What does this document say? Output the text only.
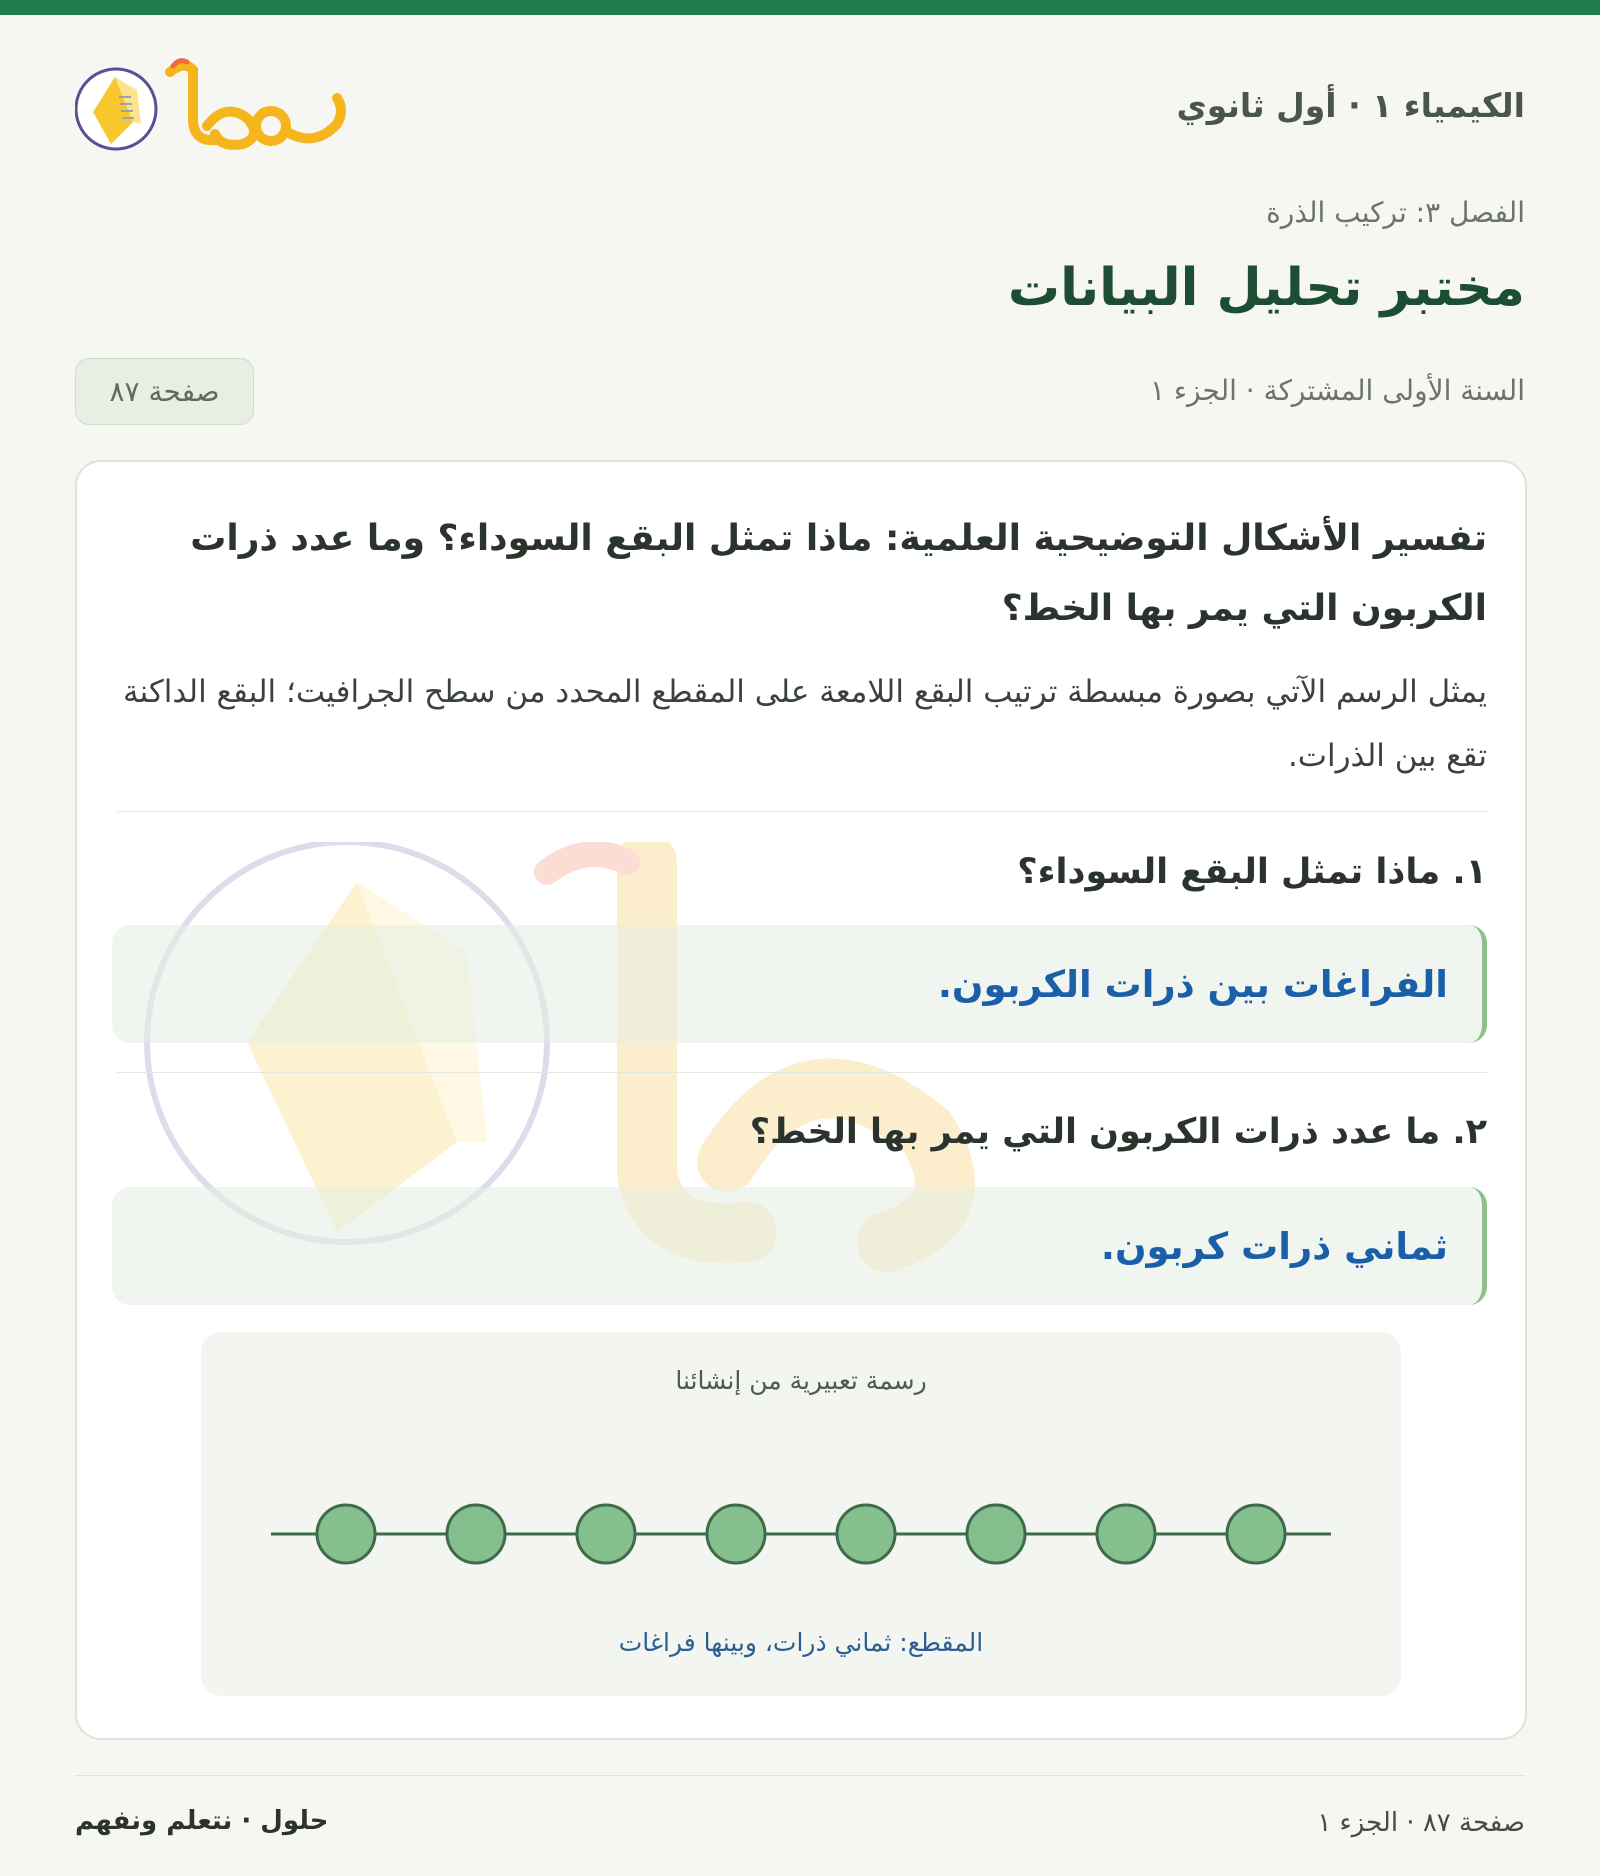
الكيمياء ١ · أول ثانوي
الفصل ٣: تركيب الذرة
مختبر تحليل البيانات
السنة الأولى المشتركة · الجزء ١
صفحة ٨٧
تفسير الأشكال التوضيحية العلمية: ماذا تمثل البقع السوداء؟ وما عدد ذرات الكربون التي يمر بها الخط؟
يمثل الرسم الآتي بصورة مبسطة ترتيب البقع اللامعة على المقطع المحدد من سطح الجرافيت؛ البقع الداكنة تقع بين الذرات.
١. ماذا تمثل البقع السوداء؟
الفراغات بين ذرات الكربون.
٢. ما عدد ذرات الكربون التي يمر بها الخط؟
ثماني ذرات كربون.
رسمة تعبيرية من إنشائنا
المقطع: ثماني ذرات، وبينها فراغات
صفحة ٨٧ · الجزء ١
حلول · نتعلم ونفهم
